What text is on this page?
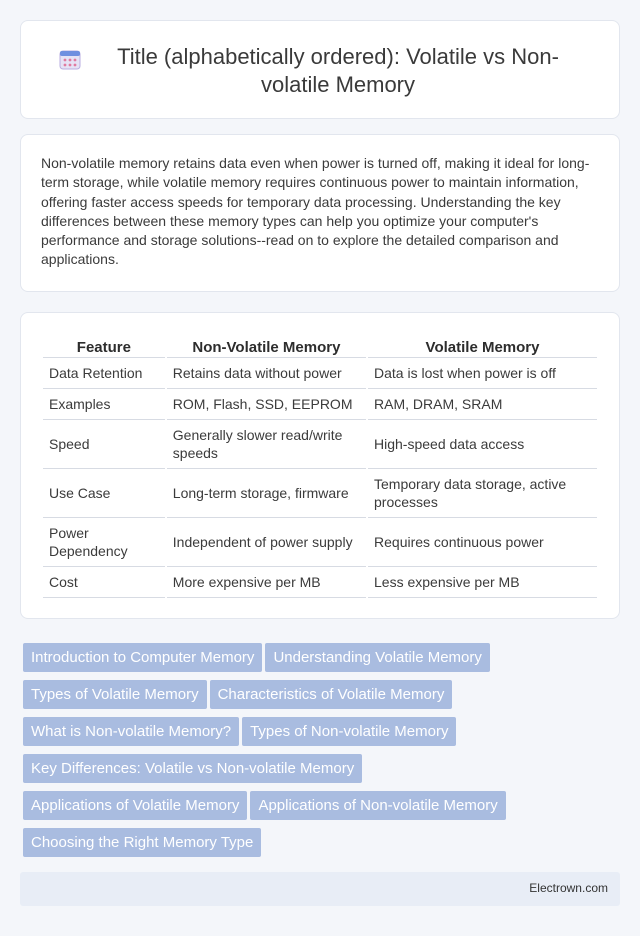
Title (alphabetically ordered): Volatile vs Non-volatile Memory

Non-volatile memory retains data even when power is turned off, making it ideal for long-term storage, while volatile memory requires continuous power to maintain information, offering faster access speeds for temporary data processing. Understanding the key differences between these memory types can help you optimize your computer's performance and storage solutions--read on to explore the detailed comparison and applications.

Feature	Non-Volatile Memory	Volatile Memory
Data Retention	Retains data without power	Data is lost when power is off
Examples	ROM, Flash, SSD, EEPROM	RAM, DRAM, SRAM
Speed	Generally slower read/write speeds	High-speed data access
Use Case	Long-term storage, firmware	Temporary data storage, active processes
Power Dependency	Independent of power supply	Requires continuous power
Cost	More expensive per MB	Less expensive per MB
Introduction to Computer Memory Understanding Volatile Memory
Types of Volatile Memory Characteristics of Volatile Memory
What is Non-volatile Memory? Types of Non-volatile Memory
Key Differences: Volatile vs Non-volatile Memory
Applications of Volatile Memory Applications of Non-volatile Memory
Choosing the Right Memory Type
Electrown.com
